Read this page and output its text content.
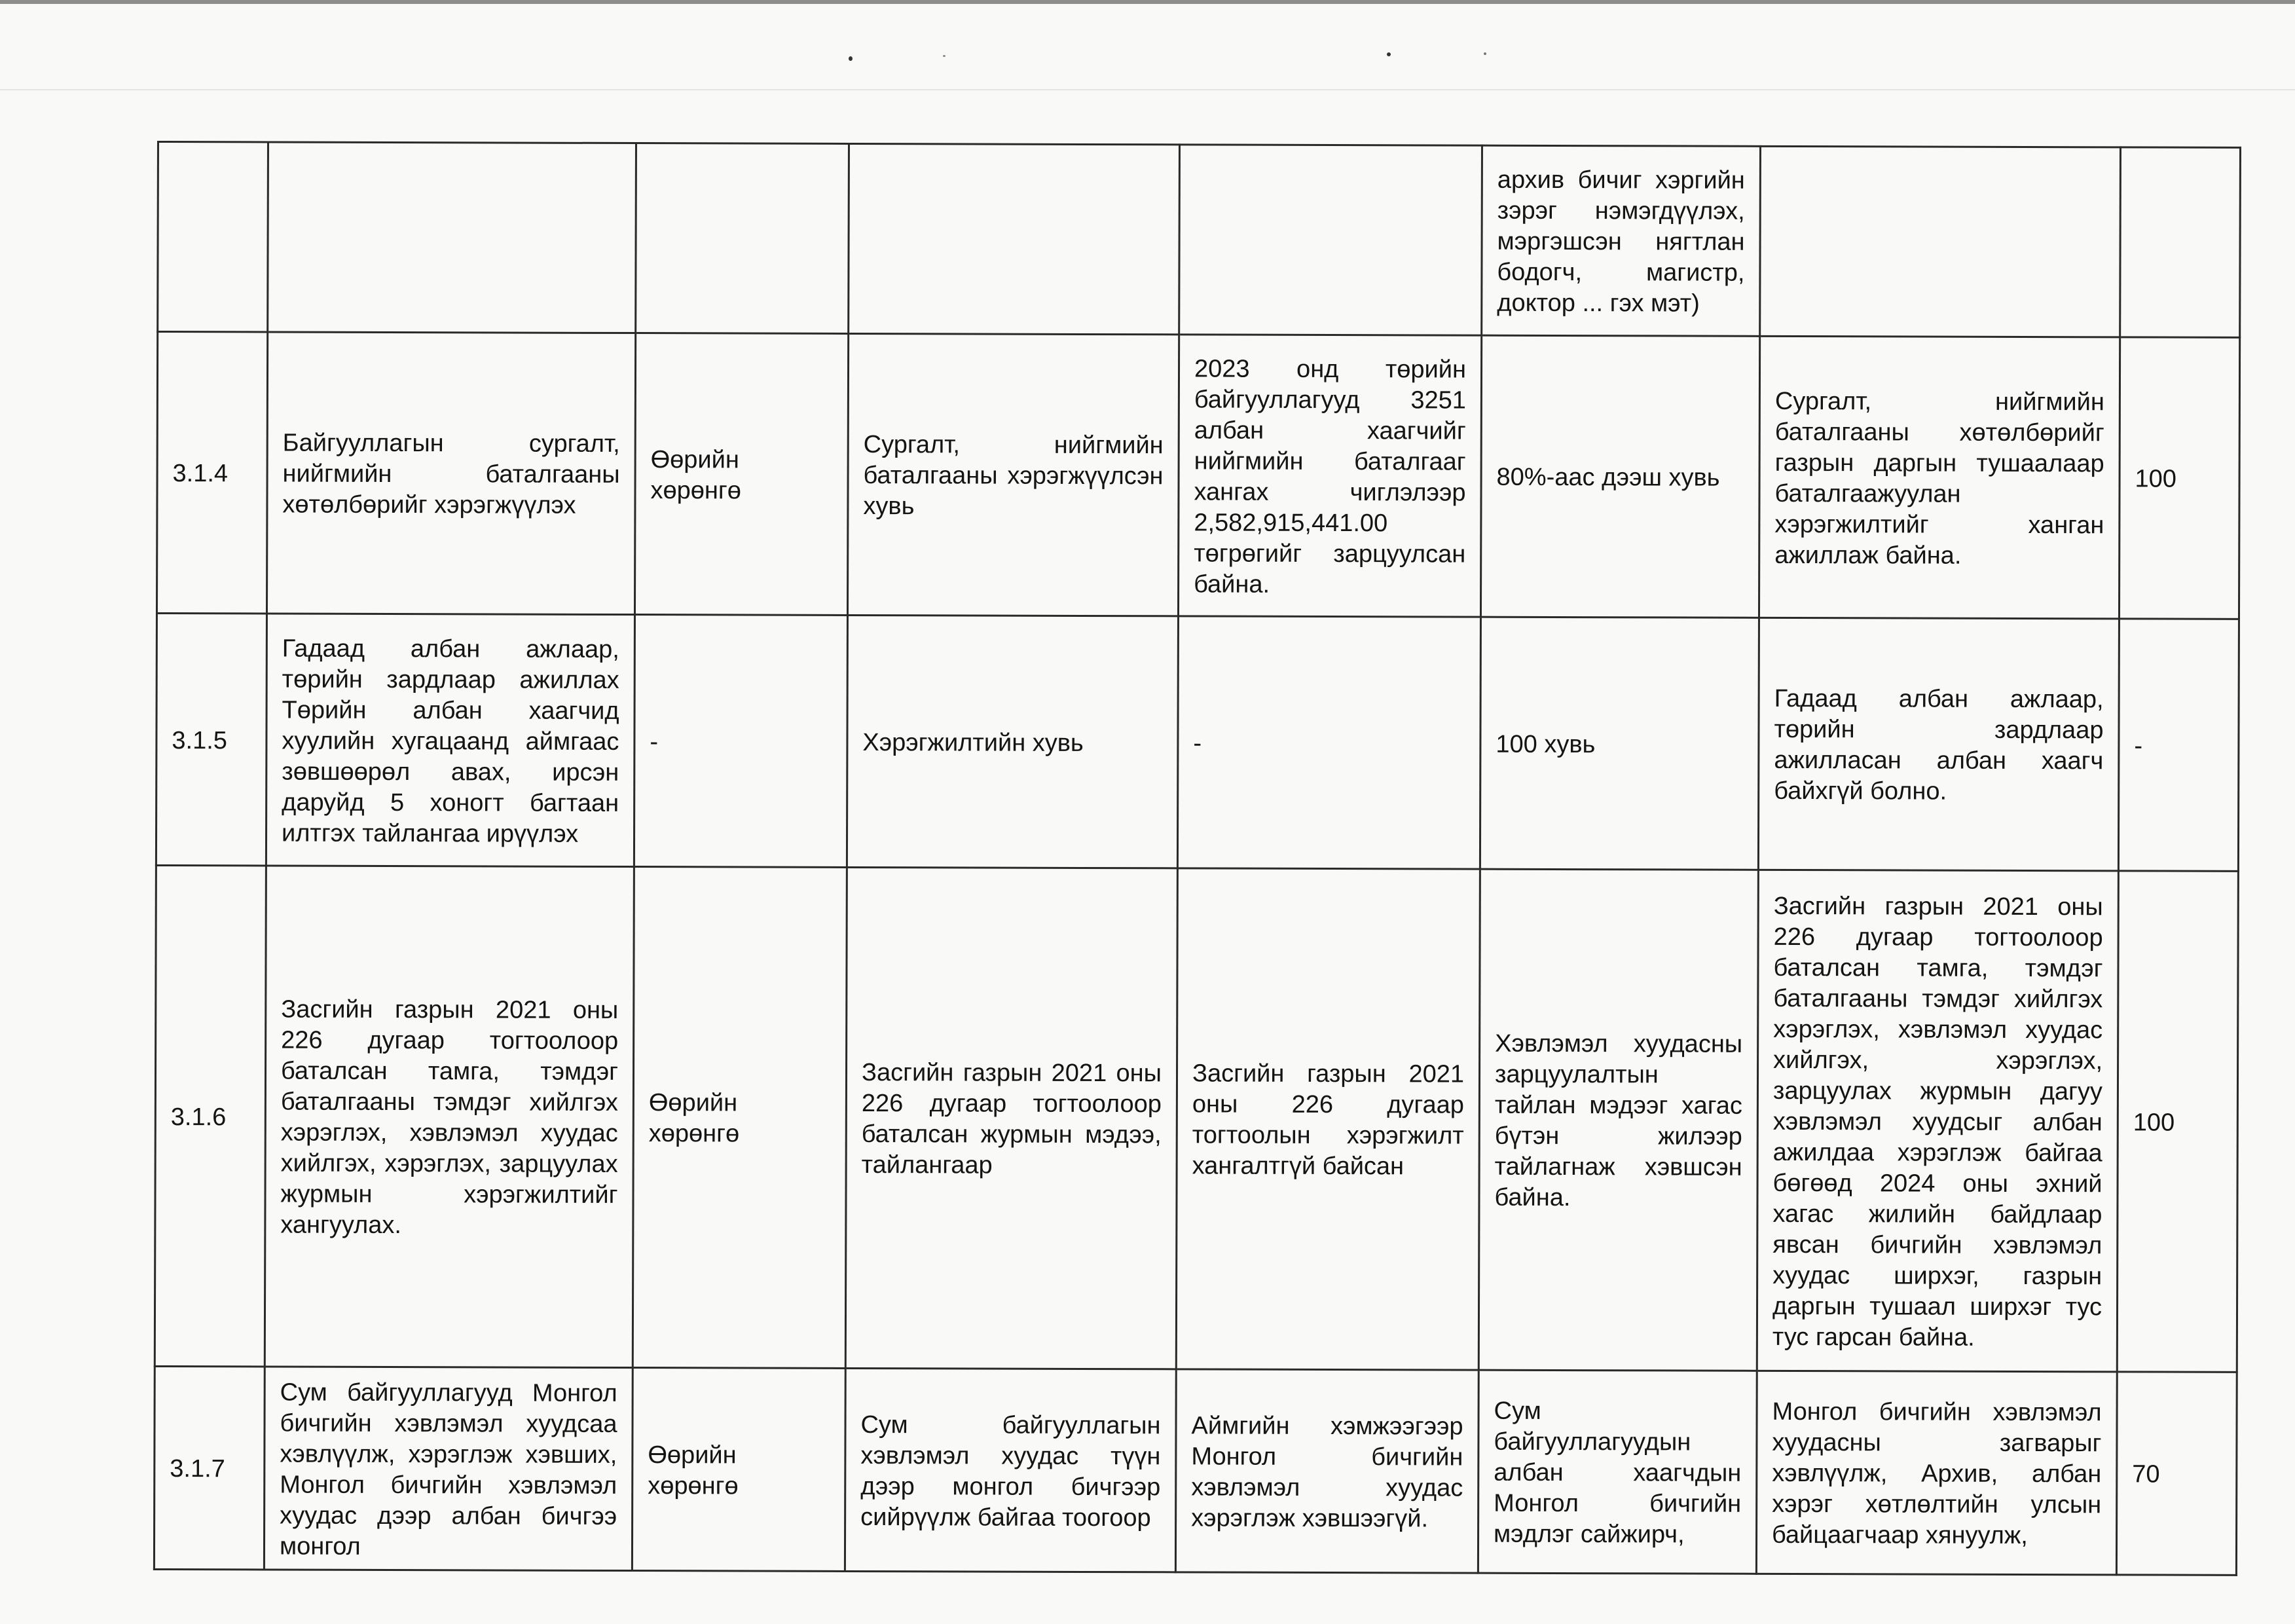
					архив бичиг хэргийн зэрэг нэмэгдүүлэх, мэргэшсэн нягтлан бодогч, магистр, доктор ... гэх мэт)		
3.1.4	Байгууллагын сургалт, нийгмийн баталгааны хөтөлбөрийг хэрэгжүүлэх	Өөрийн хөрөнгө	Сургалт, нийгмийн баталгааны хэрэгжүүлсэн хувь	2023 онд төрийн байгууллагууд 3251 албан хаагчийг нийгмийн баталгааг хангах чиглэлээр 2,582,915,441.00 төгрөгийг зарцуулсан байна.	80%-аас дээш хувь	Сургалт, нийгмийн баталгааны хөтөлбөрийг газрын даргын тушаалаар баталгаажуулан хэрэгжилтийг ханган ажиллаж байна.	100
3.1.5	Гадаад албан ажлаар, төрийн зардлаар ажиллах Төрийн албан хаагчид хуулийн хугацаанд аймгаас зөвшөөрөл авах, ирсэн даруйд 5 хоногт багтаан илтгэх тайлангаа ирүүлэх	-	Хэрэгжилтийн хувь	-	100 хувь	Гадаад албан ажлаар, төрийн зардлаар ажилласан албан хаагч байхгүй болно.	-
3.1.6	Засгийн газрын 2021 оны 226 дугаар тогтоолоор баталсан тамга, тэмдэг баталгааны тэмдэг хийлгэх хэрэглэх, хэвлэмэл хуудас хийлгэх, хэрэглэх, зарцуулах журмын хэрэгжилтийг хангуулах.	Өөрийн хөрөнгө	Засгийн газрын 2021 оны 226 дугаар тогтоолоор баталсан журмын мэдээ, тайлангаар	Засгийн газрын 2021 оны 226 дугаар тогтоолын хэрэгжилт хангалтгүй байсан	Хэвлэмэл хуудасны зарцуулалтын тайлан мэдээг хагас бүтэн жилээр тайлагнаж хэвшсэн байна.	Засгийн газрын 2021 оны 226 дугаар тогтоолоор баталсан тамга, тэмдэг баталгааны тэмдэг хийлгэх хэрэглэх, хэвлэмэл хуудас хийлгэх, хэрэглэх, зарцуулах журмын дагуу хэвлэмэл хуудсыг албан ажилдаа хэрэглэж байгаа бөгөөд 2024 оны эхний хагас жилийн байдлаар явсан бичгийн хэвлэмэл хуудас ширхэг, газрын даргын тушаал ширхэг тус тус гарсан байна.	100
3.1.7	Сум байгууллагууд Монгол бичгийн хэвлэмэл хуудсаа хэвлүүлж, хэрэглэж хэвших, Монгол бичгийн хэвлэмэл хуудас дээр албан бичгээ монгол	Өөрийн хөрөнгө	Сум байгууллагын хэвлэмэл хуудас түүн дээр монгол бичгээр сийрүүлж байгаа тоогоор	Аймгийн хэмжээгээр Монгол бичгийн хэвлэмэл хуудас хэрэглэж хэвшээгүй.	Сум байгууллагуудын албан хаагчдын Монгол бичгийн мэдлэг сайжирч,	Монгол бичгийн хэвлэмэл хуудасны загварыг хэвлүүлж, Архив, албан хэрэг хөтлөлтийн улсын байцаагчаар хянуулж,	70
